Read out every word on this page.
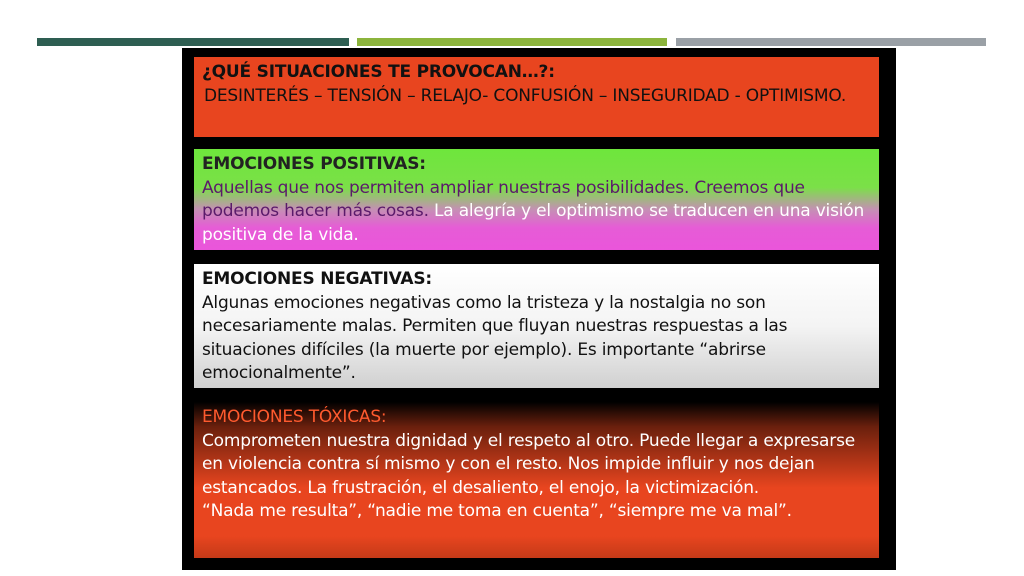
¿QUÉ SITUACIONES TE PROVOCAN…?:
DESINTERÉS – TENSIÓN – RELAJO- CONFUSIÓN – INSEGURIDAD - OPTIMISMO.
EMOCIONES POSITIVAS:
Aquellas que nos permiten ampliar nuestras posibilidades. Creemos que podemos hacer más cosas. La alegría y el optimismo se traducen en una visión positiva de la vida.
EMOCIONES NEGATIVAS:
Algunas emociones negativas como la tristeza y la nostalgia no son necesariamente malas. Permiten que fluyan nuestras respuestas a las situaciones difíciles (la muerte por ejemplo). Es importante “abrirse emocionalmente”.
EMOCIONES TÓXICAS:
Comprometen nuestra dignidad y el respeto al otro. Puede llegar a expresarse en violencia contra sí mismo y con el resto. Nos impide influir y nos dejan estancados. La frustración, el desaliento, el enojo, la victimización.
“Nada me resulta”, “nadie me toma en cuenta”, “siempre me va mal”.
